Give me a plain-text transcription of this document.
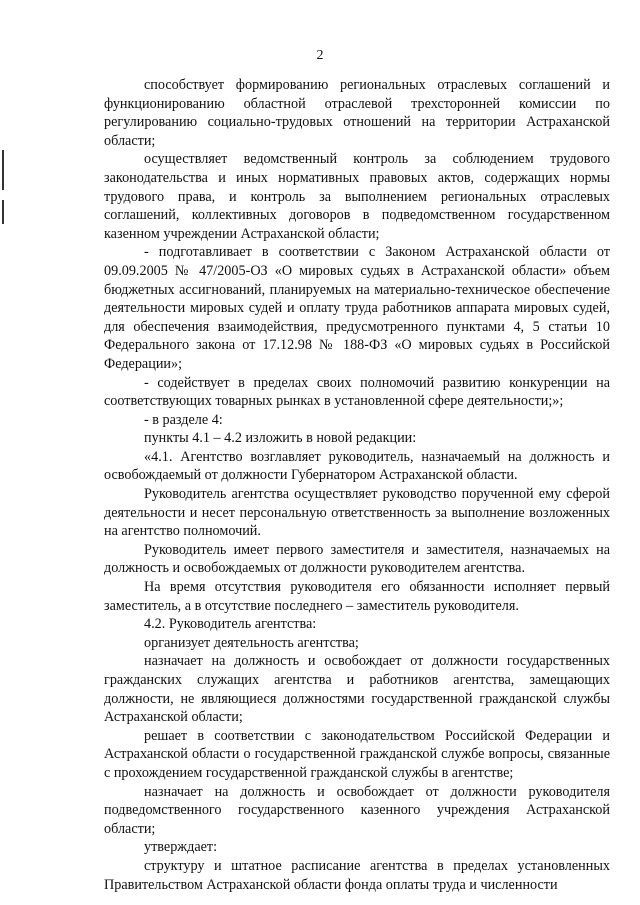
2

способствует формированию региональных отраслевых соглашений и функционированию областной отраслевой трехсторонней комиссии по регулированию социально-трудовых отношений на территории Астраханской области;

осуществляет ведомственный контроль за соблюдением трудового законодательства и иных нормативных правовых актов, содержащих нормы трудового права, и контроль за выполнением региональных отраслевых соглашений, коллективных договоров в подведомственном государственном казенном учреждении Астраханской области;

- подготавливает в соответствии с Законом Астраханской области от 09.09.2005 № 47/2005-ОЗ «О мировых судьях в Астраханской области» объем бюджетных ассигнований, планируемых на материально-техническое обеспечение деятельности мировых судей и оплату труда работников аппарата мировых судей, для обеспечения взаимодействия, предусмотренного пунктами 4, 5 статьи 10 Федерального закона от 17.12.98 № 188-ФЗ «О мировых судьях в Российской Федерации»;

- содействует в пределах своих полномочий развитию конкуренции на соответствующих товарных рынках в установленной сфере деятельности;»;

- в разделе 4:

пункты 4.1 – 4.2 изложить в новой редакции:

«4.1. Агентство возглавляет руководитель, назначаемый на должность и освобождаемый от должности Губернатором Астраханской области.

Руководитель агентства осуществляет руководство порученной ему сферой деятельности и несет персональную ответственность за выполнение возложенных на агентство полномочий.

Руководитель имеет первого заместителя и заместителя, назначаемых на должность и освобождаемых от должности руководителем агентства.

На время отсутствия руководителя его обязанности исполняет первый заместитель, а в отсутствие последнего – заместитель руководителя.

4.2. Руководитель агентства:

организует деятельность агентства;

назначает на должность и освобождает от должности государственных гражданских служащих агентства и работников агентства, замещающих должности, не являющиеся должностями государственной гражданской службы Астраханской области;

решает в соответствии с законодательством Российской Федерации и Астраханской области о государственной гражданской службе вопросы, связанные с прохождением государственной гражданской службы в агентстве;

назначает на должность и освобождает от должности руководителя подведомственного государственного казенного учреждения Астраханской области;

утверждает:

структуру и штатное расписание агентства в пределах установленных Правительством Астраханской области фонда оплаты труда и численности
